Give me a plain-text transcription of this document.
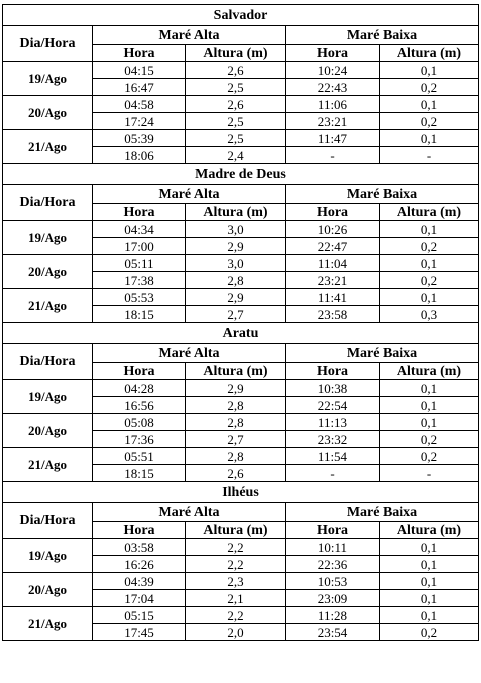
Salvador				
Dia/Hora	Maré Alta		Maré Baixa	
	Hora	Altura (m)	Hora	Altura (m)
19/Ago	04:15	2,6	10:24	0,1
	16:47	2,5	22:43	0,2
20/Ago	04:58	2,6	11:06	0,1
	17:24	2,5	23:21	0,2
21/Ago	05:39	2,5	11:47	0,1
	18:06	2,4	-	-
Madre de Deus				
Dia/Hora	Maré Alta		Maré Baixa	
	Hora	Altura (m)	Hora	Altura (m)
19/Ago	04:34	3,0	10:26	0,1
	17:00	2,9	22:47	0,2
20/Ago	05:11	3,0	11:04	0,1
	17:38	2,8	23:21	0,2
21/Ago	05:53	2,9	11:41	0,1
	18:15	2,7	23:58	0,3
Aratu				
Dia/Hora	Maré Alta		Maré Baixa	
	Hora	Altura (m)	Hora	Altura (m)
19/Ago	04:28	2,9	10:38	0,1
	16:56	2,8	22:54	0,1
20/Ago	05:08	2,8	11:13	0,1
	17:36	2,7	23:32	0,2
21/Ago	05:51	2,8	11:54	0,2
	18:15	2,6	-	-
Ilhéus				
Dia/Hora	Maré Alta		Maré Baixa	
	Hora	Altura (m)	Hora	Altura (m)
19/Ago	03:58	2,2	10:11	0,1
	16:26	2,2	22:36	0,1
20/Ago	04:39	2,3	10:53	0,1
	17:04	2,1	23:09	0,1
21/Ago	05:15	2,2	11:28	0,1
	17:45	2,0	23:54	0,2
